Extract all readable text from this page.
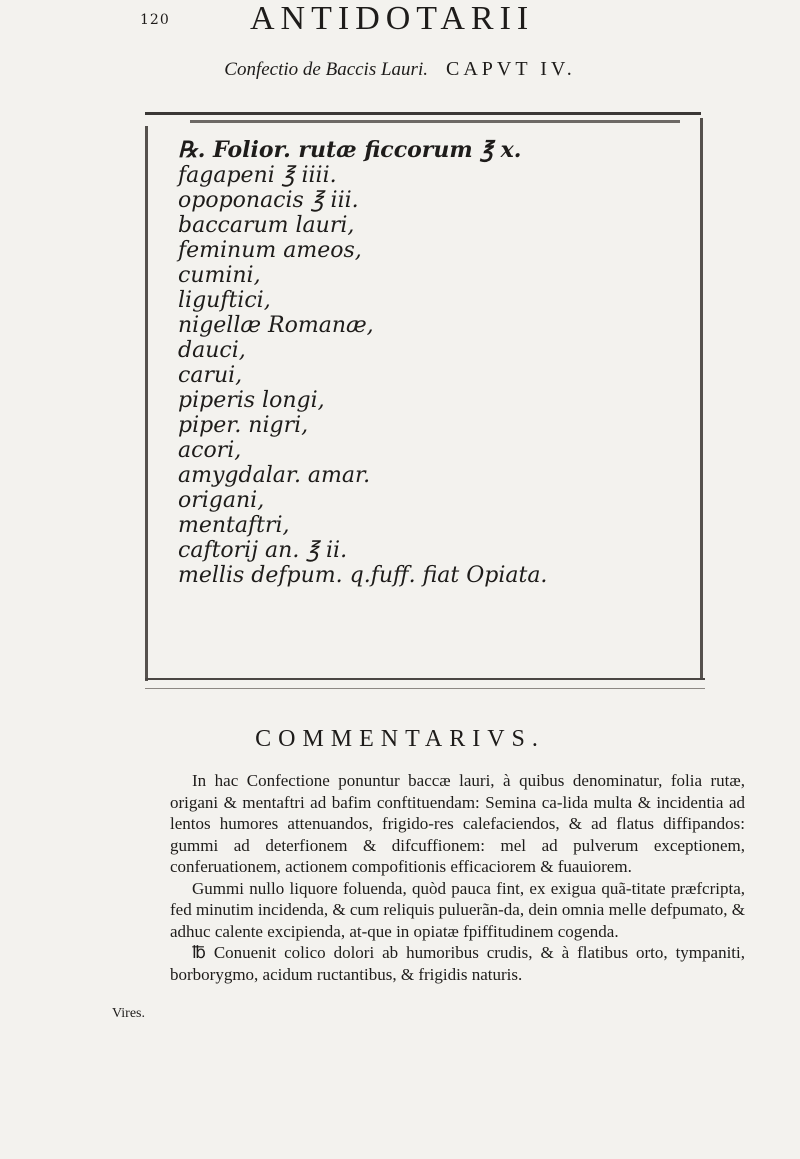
120 ANTIDOTARII
Confectio de Baccis Lauri. CAPVT IV.
℞. Folior. rutæ ficcorum ℥ x.
fagapeni ℥ iiii.
opoponacis ℥ iii.
baccarum lauri,
feminum ameos,
cumini,
liguftici,
nigellæ Romanæ,
dauci,
carui,
piperis longi,
piper. nigri,
acori,
amygdalar. amar.
origani,
mentaftri,
caftorij an. ℥ ii.
mellis defpum. q.fuff. fiat Opiata.
COMMENTARIVS.

In hac Confectione ponuntur baccæ lauri, à quibus denominatur, folia rutæ, origani & mentaftri ad bafim conftituendam: Semina ca-lida multa & incidentia ad lentos humores attenuandos, frigido-res calefaciendos, & ad flatus diffipandos: gummi ad deterfionem & difcuffionem: mel ad pulverum exceptionem, conferuationem, actionem compofitionis efficaciorem & fuauiorem.

Gummi nullo liquore foluenda, quòd pauca fint, ex exigua quã-titate præfcripta, fed minutim incidenda, & cum reliquis puluerãn-da, dein omnia melle defpumato, & adhuc calente excipienda, at-que in opiatæ fpiffitudinem cogenda.

℔ Conuenit colico dolori ab humoribus crudis, & à flatibus orto, tympaniti, borborygmo, acidum ructantibus, & frigidis naturis.

Vires.
